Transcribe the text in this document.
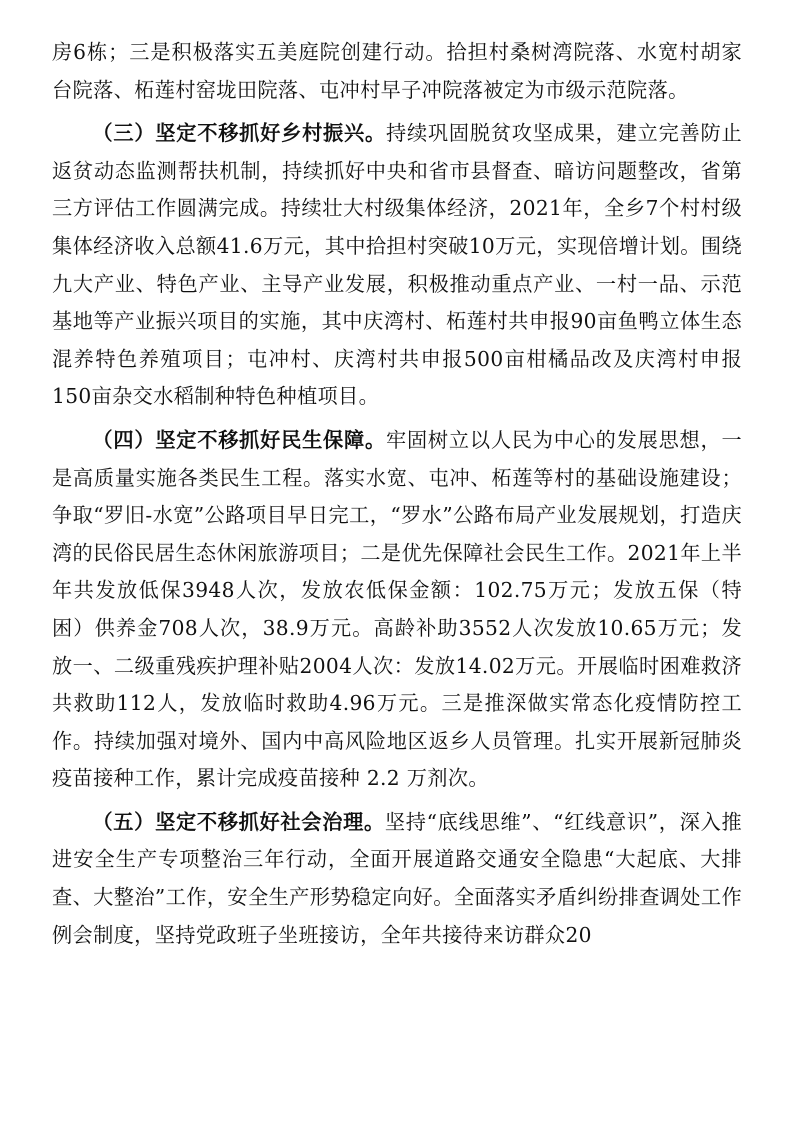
房6栋；三是积极落实五美庭院创建行动。拾担村桑树湾院落、水宽村胡家台院落、柘莲村窑垅田院落、屯冲村早子冲院落被定为市级示范院落。

（三）坚定不移抓好乡村振兴。持续巩固脱贫攻坚成果，建立完善防止返贫动态监测帮扶机制，持续抓好中央和省市县督查、暗访问题整改，省第三方评估工作圆满完成。持续壮大村级集体经济，2021年，全乡7个村村级集体经济收入总额41.6万元，其中拾担村突破10万元，实现倍增计划。围绕九大产业、特色产业、主导产业发展，积极推动重点产业、一村一品、示范基地等产业振兴项目的实施，其中庆湾村、柘莲村共申报90亩鱼鸭立体生态混养特色养殖项目；屯冲村、庆湾村共申报500亩柑橘品改及庆湾村申报150亩杂交水稻制种特色种植项目。

（四）坚定不移抓好民生保障。牢固树立以人民为中心的发展思想，一是高质量实施各类民生工程。落实水宽、屯冲、柘莲等村的基础设施建设；争取“罗旧-水宽”公路项目早日完工，“罗水”公路布局产业发展规划，打造庆湾的民俗民居生态休闲旅游项目；二是优先保障社会民生工作。2021年上半年共发放低保3948人次，发放农低保金额：102.75万元；发放五保（特困）供养金708人次，38.9万元。高龄补助3552人次发放10.65万元；发放一、二级重残疾护理补贴2004人次：发放14.02万元。开展临时困难救济共救助112人，发放临时救助4.96万元。三是推深做实常态化疫情防控工作。持续加强对境外、国内中高风险地区返乡人员管理。扎实开展新冠肺炎疫苗接种工作，累计完成疫苗接种 2.2 万剂次。

（五）坚定不移抓好社会治理。坚持“底线思维”、“红线意识”，深入推进安全生产专项整治三年行动，全面开展道路交通安全隐患“大起底、大排查、大整治”工作，安全生产形势稳定向好。全面落实矛盾纠纷排查调处工作例会制度，坚持党政班子坐班接访，全年共接待来访群众20
